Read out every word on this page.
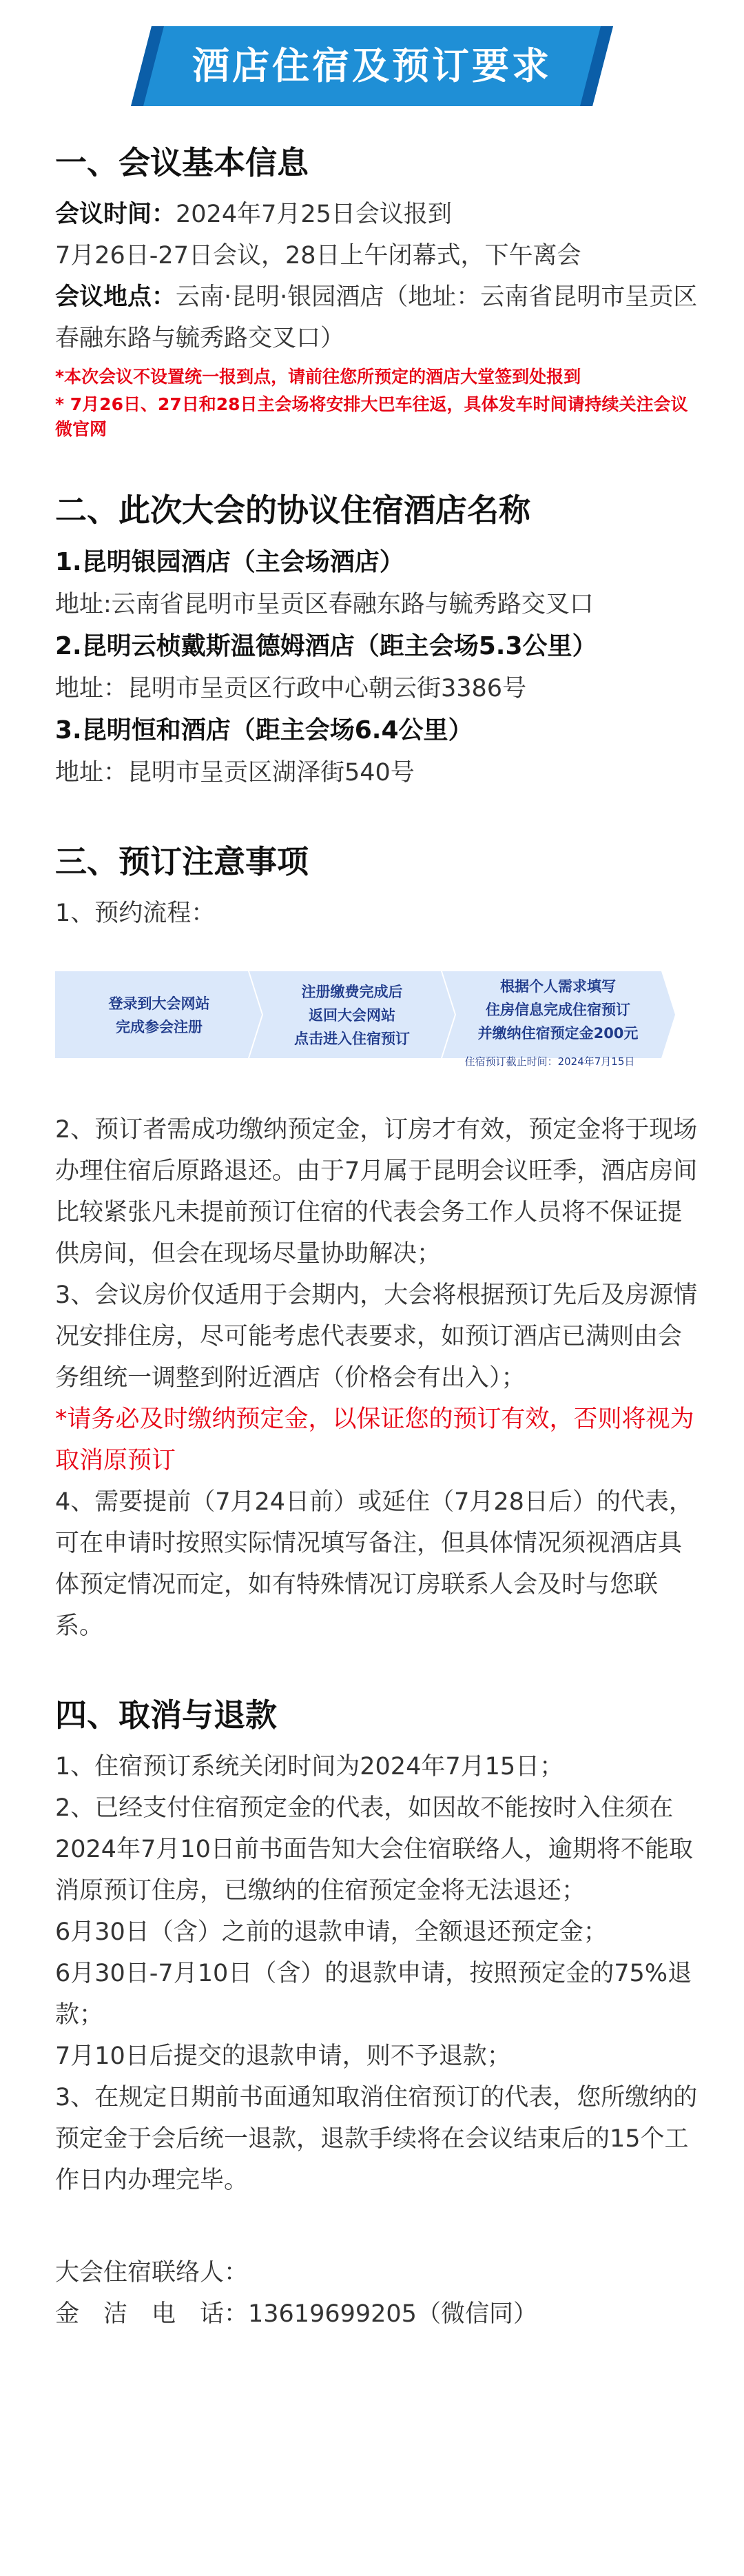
酒店住宿及预订要求
一、会议基本信息

会议时间：2024年7月25日会议报到

7月26日-27日会议，28日上午闭幕式，下午离会

会议地点：云南·昆明·银园酒店（地址：云南省昆明市呈贡区春融东路与毓秀路交叉口）

*本次会议不设置统一报到点，请前往您所预定的酒店大堂签到处报到

* 7月26日、27日和28日主会场将安排大巴车往返，具体发车时间请持续关注会议微官网

二、此次大会的协议住宿酒店名称

1.昆明银园酒店（主会场酒店）

地址:云南省昆明市呈贡区春融东路与毓秀路交叉口

2.昆明云桢戴斯温德姆酒店（距主会场5.3公里）

地址：昆明市呈贡区行政中心朝云街3386号

3.昆明恒和酒店（距主会场6.4公里）

地址：昆明市呈贡区湖泽街540号

三、预订注意事项

1、预约流程：

登录到大会网站
完成参会注册
注册缴费完成后
返回大会网站
点击进入住宿预订
根据个人需求填写
住房信息完成住宿预订
并缴纳住宿预定金200元
住宿预订截止时间：2024年7月15日

2、预订者需成功缴纳预定金，订房才有效，预定金将于现场办理住宿后原路退还。由于7月属于昆明会议旺季，酒店房间比较紧张凡未提前预订住宿的代表会务工作人员将不保证提供房间，但会在现场尽量协助解决；

3、会议房价仅适用于会期内，大会将根据预订先后及房源情况安排住房，尽可能考虑代表要求，如预订酒店已满则由会务组统一调整到附近酒店（价格会有出入）；

*请务必及时缴纳预定金，以保证您的预订有效，否则将视为取消原预订

4、需要提前（7月24日前）或延住（7月28日后）的代表，可在申请时按照实际情况填写备注，但具体情况须视酒店具体预定情况而定，如有特殊情况订房联系人会及时与您联系。

四、取消与退款

1、住宿预订系统关闭时间为2024年7月15日；

2、已经支付住宿预定金的代表，如因故不能按时入住须在2024年7月10日前书面告知大会住宿联络人，逾期将不能取消原预订住房，已缴纳的住宿预定金将无法退还；

6月30日（含）之前的退款申请，全额退还预定金；

6月30日-7月10日（含）的退款申请，按照预定金的75%退款；

7月10日后提交的退款申请，则不予退款；

3、在规定日期前书面通知取消住宿预订的代表，您所缴纳的预定金于会后统一退款，退款手续将在会议结束后的15个工作日内办理完毕。

大会住宿联络人：

金　洁　电　话：13619699205（微信同）
